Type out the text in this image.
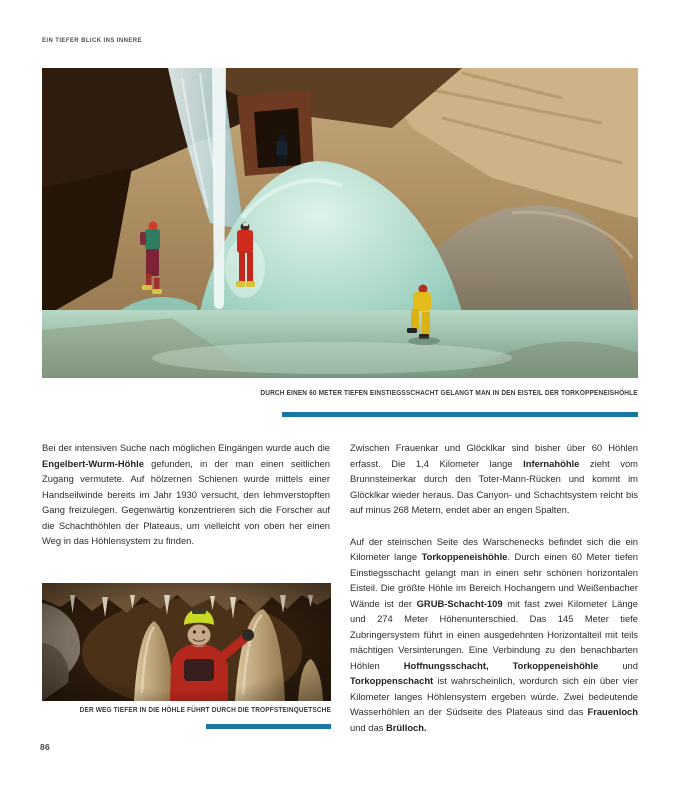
EIN TIEFER BLICK INS INNERE
DURCH EINEN 60 METER TIEFEN EINSTIEGSSCHACHT GELANGT MAN IN DEN EISTEIL DER TORKOPPENEISHÖHLE

Bei der intensiven Suche nach möglichen Eingängen wurde auch die Engelbert-Wurm-Höhle gefunden, in der man einen seitlichen Zugang vermutete. Auf hölzernen Schienen wurde mittels einer Handseilwinde bereits im Jahr 1930 versucht, den lehmverstopften Gang freizulegen. Gegenwärtig konzentrieren sich die Forscher auf die Schachthöhlen der Plateaus, um vielleicht von oben her einen Weg in das Höhlensystem zu finden.

Zwischen Frauenkar und Glöcklkar sind bisher über 60 Höhlen erfasst. Die 1,4 Kilometer lange Infernahöhle zieht vom Brunnsteinerkar durch den Toter-Mann-Rücken und kommt im Glöcklkar wieder heraus. Das Canyon- und Schachtsystem reicht bis auf minus 268 Metern, endet aber an engen Spalten.

Auf der steirischen Seite des Warschenecks befindet sich die ein Kilometer lange Torkoppeneishöhle. Durch einen 60 Meter tiefen Einstiegsschacht gelangt man in einen sehr schönen horizontalen Eisteil. Die größte Höhle im Bereich Hochangern und Weißenbacher Wände ist der GRUB-Schacht-109 mit fast zwei Kilometer Länge und 274 Meter Höhenunterschied. Das 145 Meter tiefe Zubringersystem führt in einen ausgedehnten Horizontalteil mit teils mächtigen Versinterungen. Eine Verbindung zu den benachbarten Höhlen Hoffnungsschacht, Torkoppeneishöhle und Torkoppenschacht ist wahrscheinlich, wordurch sich ein über vier Kilometer langes Höhlensystem ergeben würde. Zwei bedeutende Wasserhöhlen an der Südseite des Plateaus sind das Frauenloch und das Brülloch.

DER WEG TIEFER IN DIE HÖHLE FÜHRT DURCH DIE TROPFSTEINQUETSCHE
86
